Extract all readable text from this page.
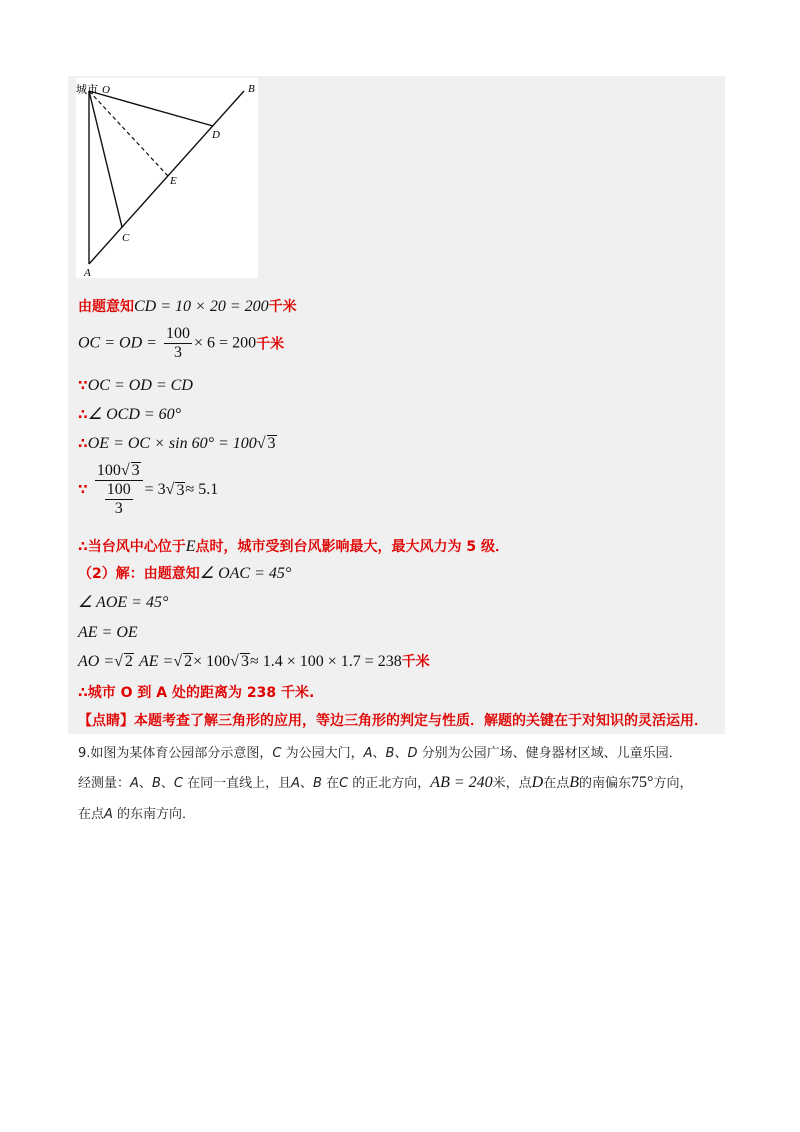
城市 O	B
D
E
C
A
由题意知CD = 10 × 20 = 200千米
OC = OD = $\frac{100}{3} \times 6 = 200$千米
∵OC = OD = CD
∴∠ OCD = 60°
∴OE = OC × sin 60° = 100√ 3
∵ $\frac{100√ 3}{\frac{100}{3}} = 3√$ 3≈ 5.1
∴当台风中心位于E点时，城市受到台风影响最大，最大风力为 5 级．
（2）解：由题意知∠ OAC = 45°
∠ AOE = 45°
AE = OE
AO =√ 2 AE =√ 2× 100√ 3≈ 1.4 × 100 × 1.7 = 238千米
∴城市 O 到 A 处的距离为 238 千米.
【点睛】本题考查了解三角形的应用，等边三角形的判定与性质．解题的关键在于对知识的灵活运用．
9.如图为某体育公园部分示意图，C 为公园大门，A、B、D 分别为公园广场、健身器材区域、儿童乐园．
经测量：A、B、C 在同一直线上，且A、B 在C 的正北方向，AB = 240米，点D在点B的南偏东75°方向，
在点A 的东南方向．
